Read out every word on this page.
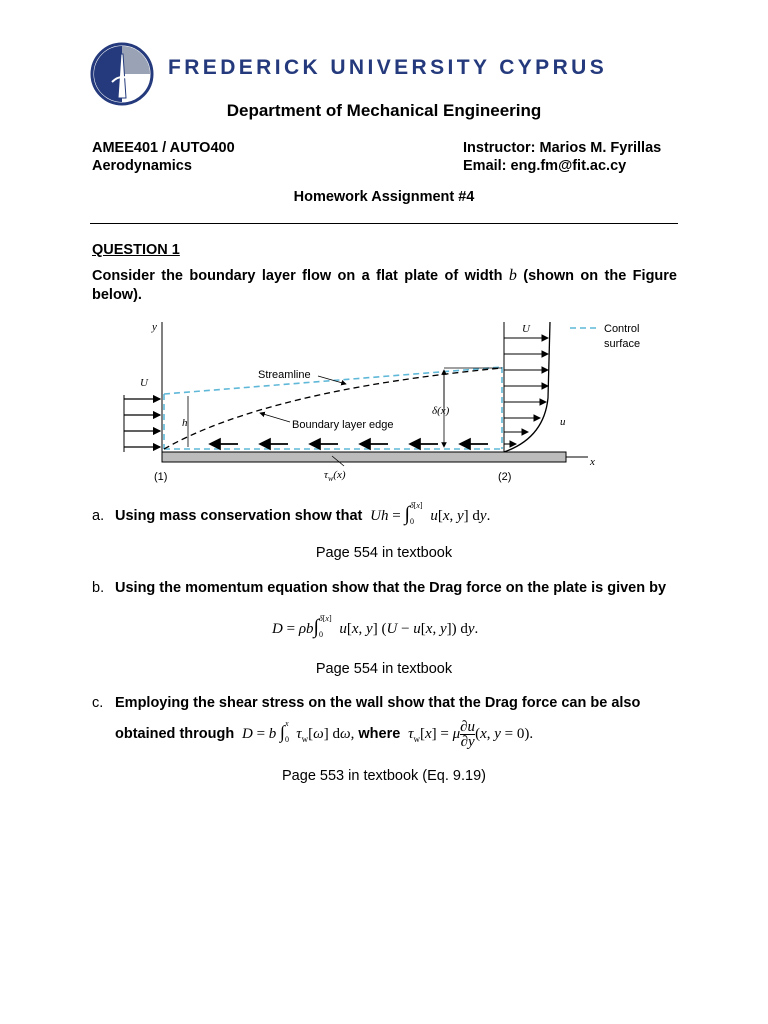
FREDERICK UNIVERSITY CYPRUS
Department of Mechanical Engineering
AMEE401 / AUTO400
Aerodynamics
Instructor: Marios M. Fyrillas
Email: eng.fm@fit.ac.cy
Homework Assignment #4
QUESTION 1
Consider the boundary layer flow on a flat plate of width b (shown on the Figure below).
x
y
U
h
δ(x)
U
u
Streamline
Boundary layer edge
$\tau_w(x)$
(1)	(2)
Control
surface
a. Using mass conservation show that $Uh = \int_0^{\delta[x]}$ u[x, y] dy.
Page 554 in textbook
b. Using the momentum equation show that the Drag force on the plate is given by
$D = \rho b\int_0^{\delta[x]}$ u[x, y] (U − u[x, y]) dy.
Page 554 in textbook
c. Employing the shear stress on the wall show that the Drag force can be also
obtained through D = b $\int_0^x$ $\tau_w[\omega]$ dω, where $\tau_w[x] = \mu \frac{\partial u}{\partial y} (x$, y = 0).
Page 553 in textbook (Eq. 9.19)
